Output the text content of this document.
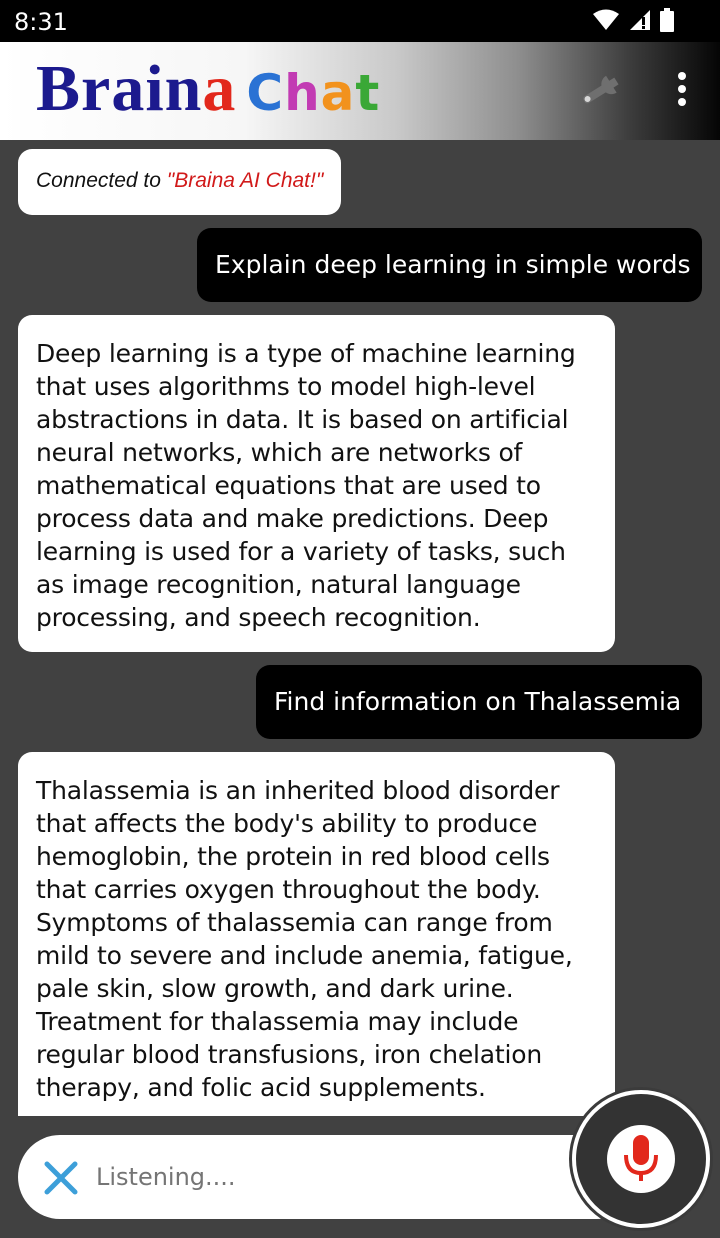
8:31
Braina Chat
Connected to "Braina AI Chat!"
Explain deep learning in simple words
Deep learning is a type of machine learning
that uses algorithms to model high-level
abstractions in data. It is based on artificial
neural networks, which are networks of
mathematical equations that are used to
process data and make predictions. Deep
learning is used for a variety of tasks, such
as image recognition, natural language
processing, and speech recognition.
Find information on Thalassemia
Thalassemia is an inherited blood disorder
that affects the body's ability to produce
hemoglobin, the protein in red blood cells
that carries oxygen throughout the body.
Symptoms of thalassemia can range from
mild to severe and include anemia, fatigue,
pale skin, slow growth, and dark urine.
Treatment for thalassemia may include
regular blood transfusions, iron chelation
therapy, and folic acid supplements.
Listening....
